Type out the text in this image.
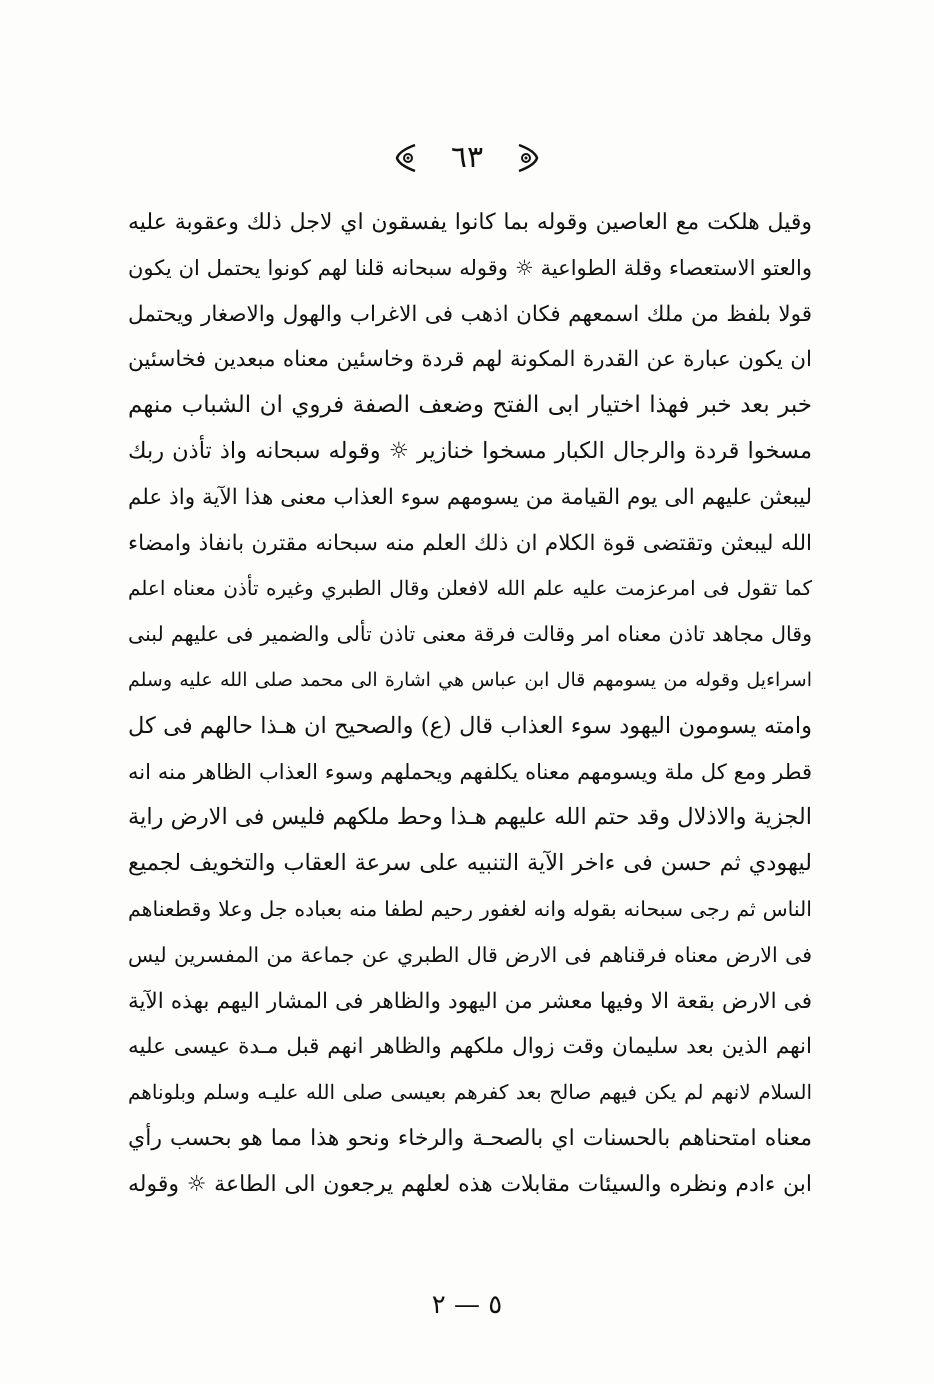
٦٣
وقيل هلكت مع العاصين وقوله بما كانوا يفسقون اي لاجل ذلك وعقوبة عليه
والعتو الاستعصاء وقلة الطواعية ☼ وقوله سبحانه قلنا لهم كونوا يحتمل ان يكون
قولا بلفظ من ملك اسمعهم فكان اذهب فى الاغراب والهول والاصغار ويحتمل
ان يكون عبارة عن القدرة المكونة لهم قردة وخاسئين معناه مبعدين فخاسئين
خبر بعد خبر فهذا اختيار ابى الفتح وضعف الصفة فروي ان الشباب منهم
مسخوا قردة والرجال الكبار مسخوا خنازير ☼ وقوله سبحانه واذ تأذن ربك
ليبعثن عليهم الى يوم القيامة من يسومهم سوء العذاب معنى هذا الآية واذ علم
الله ليبعثن وتقتضى قوة الكلام ان ذلك العلم منه سبحانه مقترن بانفاذ وامضاء
كما تقول فى امرعزمت عليه علم الله لافعلن وقال الطبري وغيره تأذن معناه اعلم
وقال مجاهد تاذن معناه امر وقالت فرقة معنى تاذن تألى والضمير فى عليهم لبنى
اسراءيل وقوله من يسومهم قال ابن عباس هي اشارة الى محمد صلى الله عليه وسلم
وامته يسومون اليهود سوء العذاب قال (ع) والصحيح ان هـذا حالهم فى كل
قطر ومع كل ملة ويسومهم معناه يكلفهم ويحملهم وسوء العذاب الظاهر منه انه
الجزية والاذلال وقد حتم الله عليهم هـذا وحط ملكهم فليس فى الارض راية
ليهودي ثم حسن فى ءاخر الآية التنبيه على سرعة العقاب والتخويف لجميع
الناس ثم رجى سبحانه بقوله وانه لغفور رحيم لطفا منه بعباده جل وعلا وقطعناهم
فى الارض معناه فرقناهم فى الارض قال الطبري عن جماعة من المفسرين ليس
فى الارض بقعة الا وفيها معشر من اليهود والظاهر فى المشار اليهم بهذه الآية
انهم الذين بعد سليمان وقت زوال ملكهم والظاهر انهم قبل مـدة عيسى عليه
السلام لانهم لم يكن فيهم صالح بعد كفرهم بعيسى صلى الله عليـه وسلم وبلوناهم
معناه امتحناهم بالحسنات اي بالصحـة والرخاء ونحو هذا مما هو بحسب رأي
ابن ءادم ونظره والسيئات مقابلات هذه لعلهم يرجعون الى الطاعة ☼ وقوله
٥ — ٢
